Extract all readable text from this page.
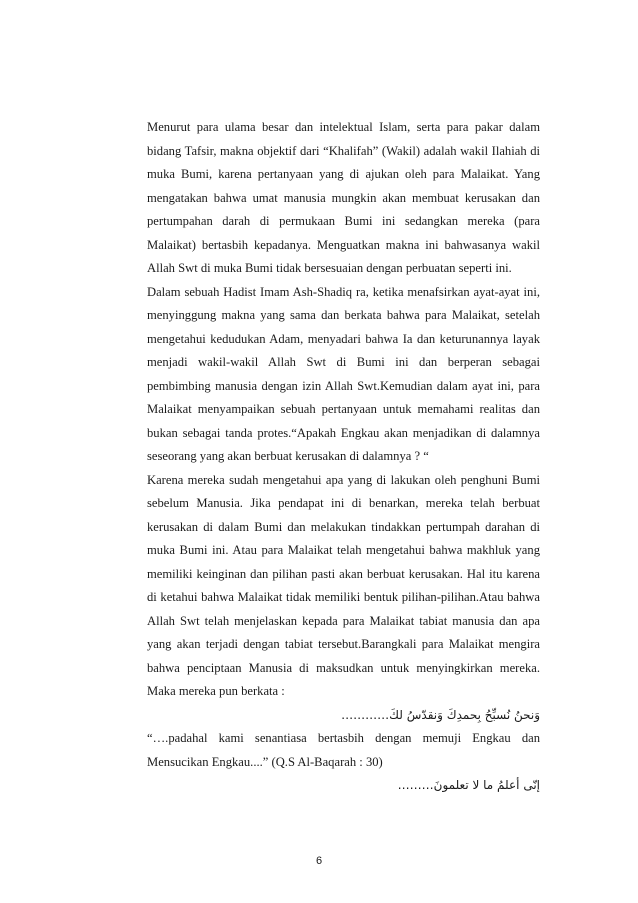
Menurut para ulama besar dan intelektual Islam, serta para pakar dalam bidang Tafsir, makna objektif dari “Khalifah” (Wakil) adalah wakil Ilahiah di muka Bumi, karena pertanyaan yang di ajukan oleh para Malaikat. Yang mengatakan bahwa umat manusia mungkin akan membuat kerusakan dan pertumpahan darah di permukaan Bumi ini sedangkan mereka (para Malaikat) bertasbih kepadanya. Menguatkan makna ini bahwasanya wakil Allah Swt di muka Bumi tidak bersesuaian dengan perbuatan seperti ini.

Dalam sebuah Hadist Imam Ash-Shadiq ra, ketika menafsirkan ayat-ayat ini, menyinggung makna yang sama dan berkata bahwa para Malaikat, setelah mengetahui kedudukan Adam, menyadari bahwa Ia dan keturunannya layak menjadi wakil-wakil Allah Swt di Bumi ini dan berperan sebagai pembimbing manusia dengan izin Allah Swt.Kemudian dalam ayat ini, para Malaikat menyampaikan sebuah pertanyaan untuk memahami realitas dan bukan sebagai tanda protes.“Apakah Engkau akan menjadikan di dalamnya seseorang yang akan berbuat kerusakan di dalamnya ? “

Karena mereka sudah mengetahui apa yang di lakukan oleh penghuni Bumi sebelum Manusia. Jika pendapat ini di benarkan, mereka telah berbuat kerusakan di dalam Bumi dan melakukan tindakkan pertumpah darahan di muka Bumi ini. Atau para Malaikat telah mengetahui bahwa makhluk yang memiliki keinginan dan pilihan pasti akan berbuat kerusakan. Hal itu karena di ketahui bahwa Malaikat tidak memiliki bentuk pilihan-pilihan.Atau bahwa Allah Swt telah menjelaskan kepada para Malaikat tabiat manusia dan apa yang akan terjadi dengan tabiat tersebut.Barangkali para Malaikat mengira bahwa penciptaan Manusia di maksudkan untuk menyingkirkan mereka. Maka mereka pun berkata :

وَنحنُ نُسبِّحُ بِحمدِكَ وَنقدّسُ لكَ…………

“….padahal kami senantiasa bertasbih dengan memuji Engkau dan Mensucikan Engkau....” (Q.S Al-Baqarah : 30)

إنّى أعلمُ ما لا تعلمونَ………

6
